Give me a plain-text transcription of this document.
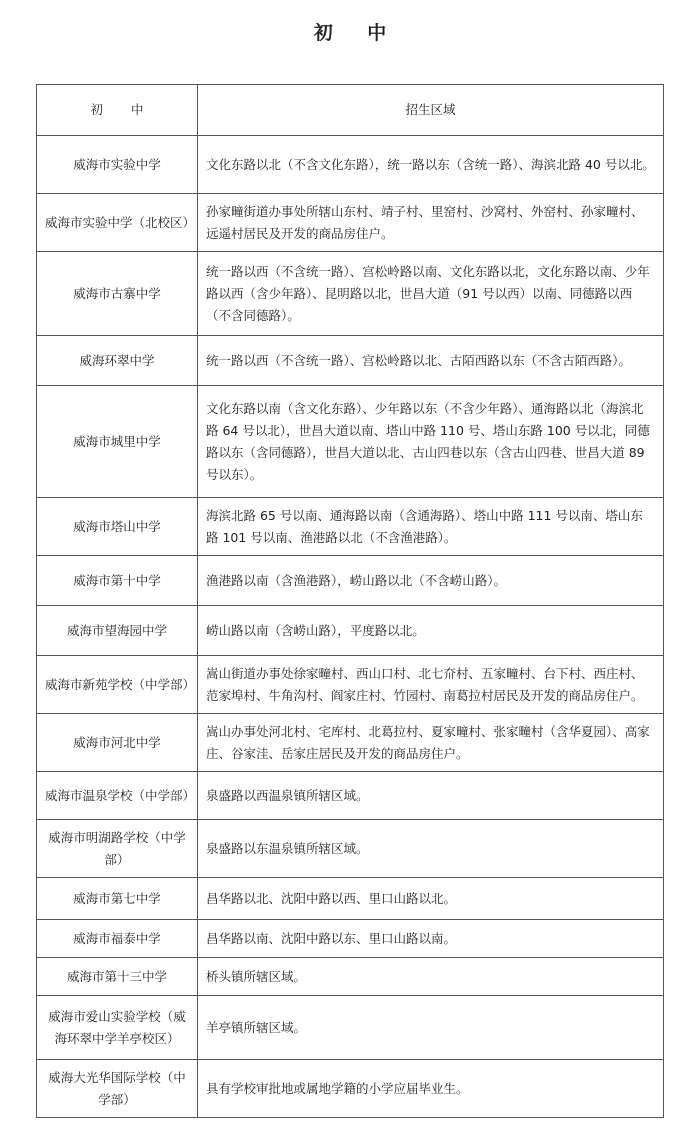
初 中
初 中	招生区域
威海市实验中学	文化东路以北（不含文化东路），统一路以东（含统一路）、海滨北路 40 号以北。
威海市实验中学（北校区）	孙家疃街道办事处所辖山东村、靖子村、里窑村、沙窝村、外窑村、孙家疃村、远遥村居民及开发的商品房住户。
威海市古寨中学	统一路以西（不含统一路）、宫松岭路以南、文化东路以北，文化东路以南、少年路以西（含少年路）、昆明路以北，世昌大道（91 号以西）以南、同德路以西（不含同德路）。
威海环翠中学	统一路以西（不含统一路）、宫松岭路以北、古陌西路以东（不含古陌西路）。
威海市城里中学	文化东路以南（含文化东路）、少年路以东（不含少年路）、通海路以北（海滨北路 64 号以北），世昌大道以南、塔山中路 110 号、塔山东路 100 号以北，同德路以东（含同德路），世昌大道以北、古山四巷以东（含古山四巷、世昌大道 89 号以东）。
威海市塔山中学	海滨北路 65 号以南、通海路以南（含通海路）、塔山中路 111 号以南、塔山东路 101 号以南、渔港路以北（不含渔港路）。
威海市第十中学	渔港路以南（含渔港路），崂山路以北（不含崂山路）。
威海市望海园中学	崂山路以南（含崂山路），平度路以北。
威海市新苑学校（中学部）	嵩山街道办事处徐家疃村、西山口村、北七夼村、五家疃村、台下村、西庄村、范家埠村、牛角沟村、阎家庄村、竹园村、南葛拉村居民及开发的商品房住户。
威海市河北中学	嵩山办事处河北村、宅库村、北葛拉村、夏家疃村、张家疃村（含华夏园）、高家庄、谷家洼、岳家庄居民及开发的商品房住户。
威海市温泉学校（中学部）	泉盛路以西温泉镇所辖区域。
威海市明湖路学校（中学部）	泉盛路以东温泉镇所辖区域。
威海市第七中学	昌华路以北、沈阳中路以西、里口山路以北。
威海市福泰中学	昌华路以南、沈阳中路以东、里口山路以南。
威海市第十三中学	桥头镇所辖区域。
威海市爱山实验学校（威海环翠中学羊亭校区）	羊亭镇所辖区域。
威海大光华国际学校（中学部）	具有学校审批地或属地学籍的小学应届毕业生。
